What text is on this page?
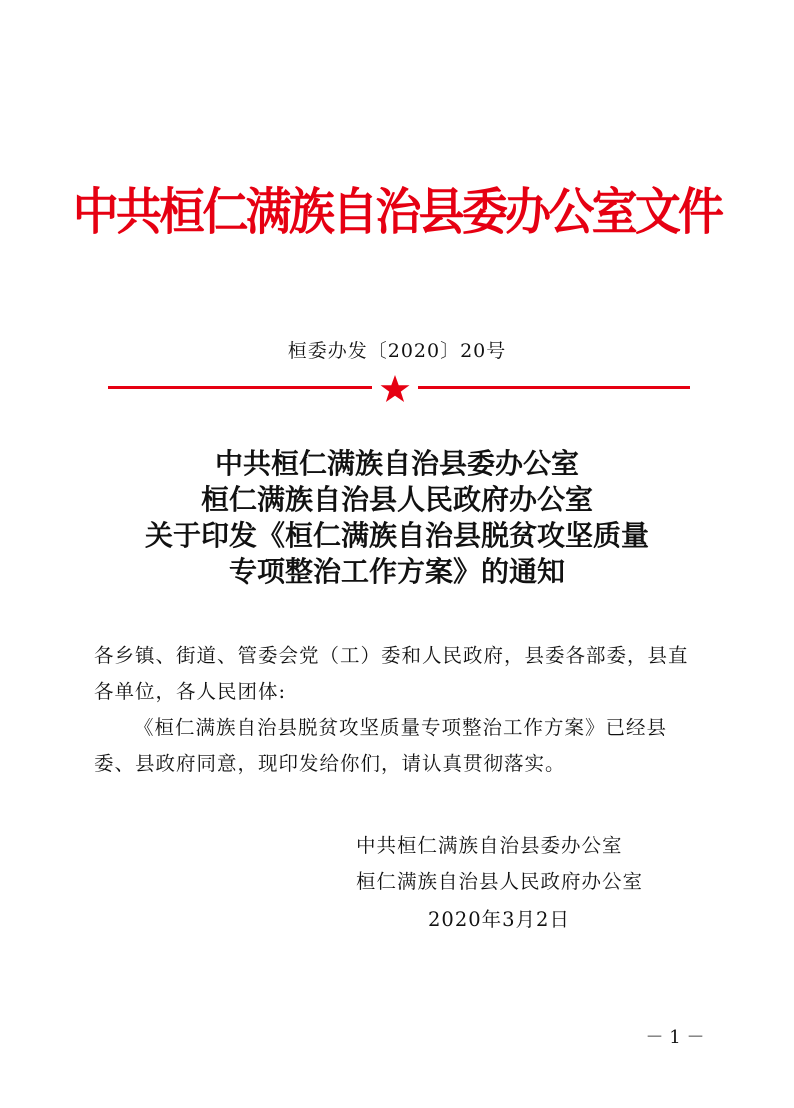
中共桓仁满族自治县委办公室文件
桓委办发〔2020〕20号
中共桓仁满族自治县委办公室
桓仁满族自治县人民政府办公室
关于印发《桓仁满族自治县脱贫攻坚质量
专项整治工作方案》的通知

各乡镇、街道、管委会党（工）委和人民政府，县委各部委，县直各单位，各人民团体:

《桓仁满族自治县脱贫攻坚质量专项整治工作方案》已经县委、县政府同意，现印发给你们，请认真贯彻落实。

中共桓仁满族自治县委办公室
桓仁满族自治县人民政府办公室
2020年3月2日
－ 1 －
